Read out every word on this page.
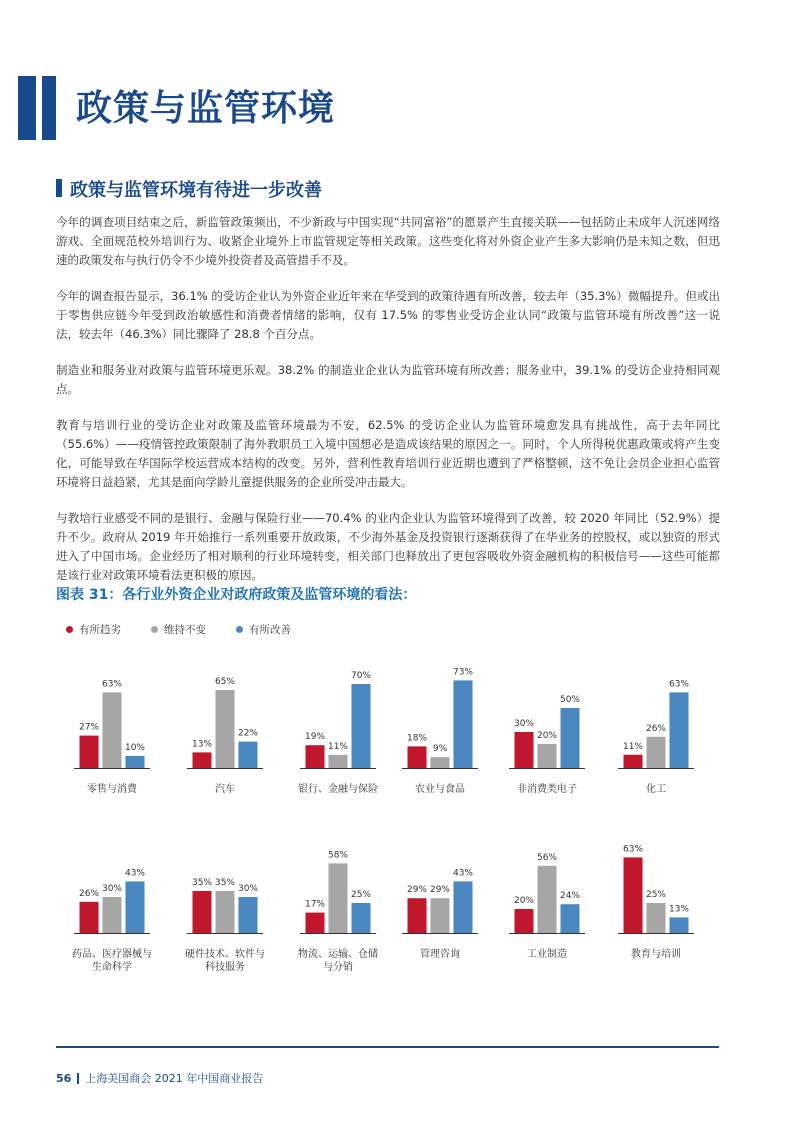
政策与监管环境
政策与监管环境有待进一步改善

今年的调查项目结束之后，新监管政策频出，不少新政与中国实现“共同富裕”的愿景产生直接关联——包括防止未成年人沉迷网络游戏、全面规范校外培训行为、收紧企业境外上市监管规定等相关政策。这些变化将对外资企业产生多大影响仍是未知之数，但迅速的政策发布与执行仍令不少境外投资者及高管措手不及。

今年的调查报告显示，36.1% 的受访企业认为外资企业近年来在华受到的政策待遇有所改善，较去年（35.3%）微幅提升。但或出于零售供应链今年受到政治敏感性和消费者情绪的影响，仅有 17.5% 的零售业受访企业认同“政策与监管环境有所改善”这一说法，较去年（46.3%）同比骤降了 28.8 个百分点。

制造业和服务业对政策与监管环境更乐观。38.2% 的制造业企业认为监管环境有所改善；服务业中，39.1% 的受访企业持相同观点。

教育与培训行业的受访企业对政策及监管环境最为不安，62.5% 的受访企业认为监管环境愈发具有挑战性，高于去年同比（55.6%）——疫情管控政策限制了海外教职员工入境中国想必是造成该结果的原因之一。同时，个人所得税优惠政策或将产生变化，可能导致在华国际学校运营成本结构的改变。另外，营利性教育培训行业近期也遭到了严格整顿，这不免让会员企业担心监管环境将日益趋紧，尤其是面向学龄儿童提供服务的企业所受冲击最大。

与教培行业感受不同的是银行、金融与保险行业——70.4% 的业内企业认为监管环境得到了改善，较 2020 年同比（52.9%）提升不少。政府从 2019 年开始推行一系列重要开放政策，不少海外基金及投资银行逐渐获得了在华业务的控股权，或以独资的形式进入了中国市场。企业经历了相对顺利的行业环境转变，相关部门也释放出了更包容吸收外资金融机构的积极信号——这些可能都是该行业对政策环境看法更积极的原因。

图表 31：各行业外资企业对政府政策及监管环境的看法：
有所趋劣	维持不变	有所改善
27%
63%
10%
零售与消费
13%
65%
22%
汽车
19%
11%
70%
银行、金融与保险
18%
9%
73%
农业与食品
30%
20%
50%
非消费类电子
11%
26%
63%
化工
26% 30%
43%
药品、医疗器械与
生命科学
35% 35%
30%
硬件技术、软件与
科技服务
17%
58%
25%
物流、运输、仓储
与分销
29% 29%
43%
管理咨询
20%
56%
24%
工业制造
63%
25%
13%
教育与培训
56 上海美国商会 2021 年中国商业报告
